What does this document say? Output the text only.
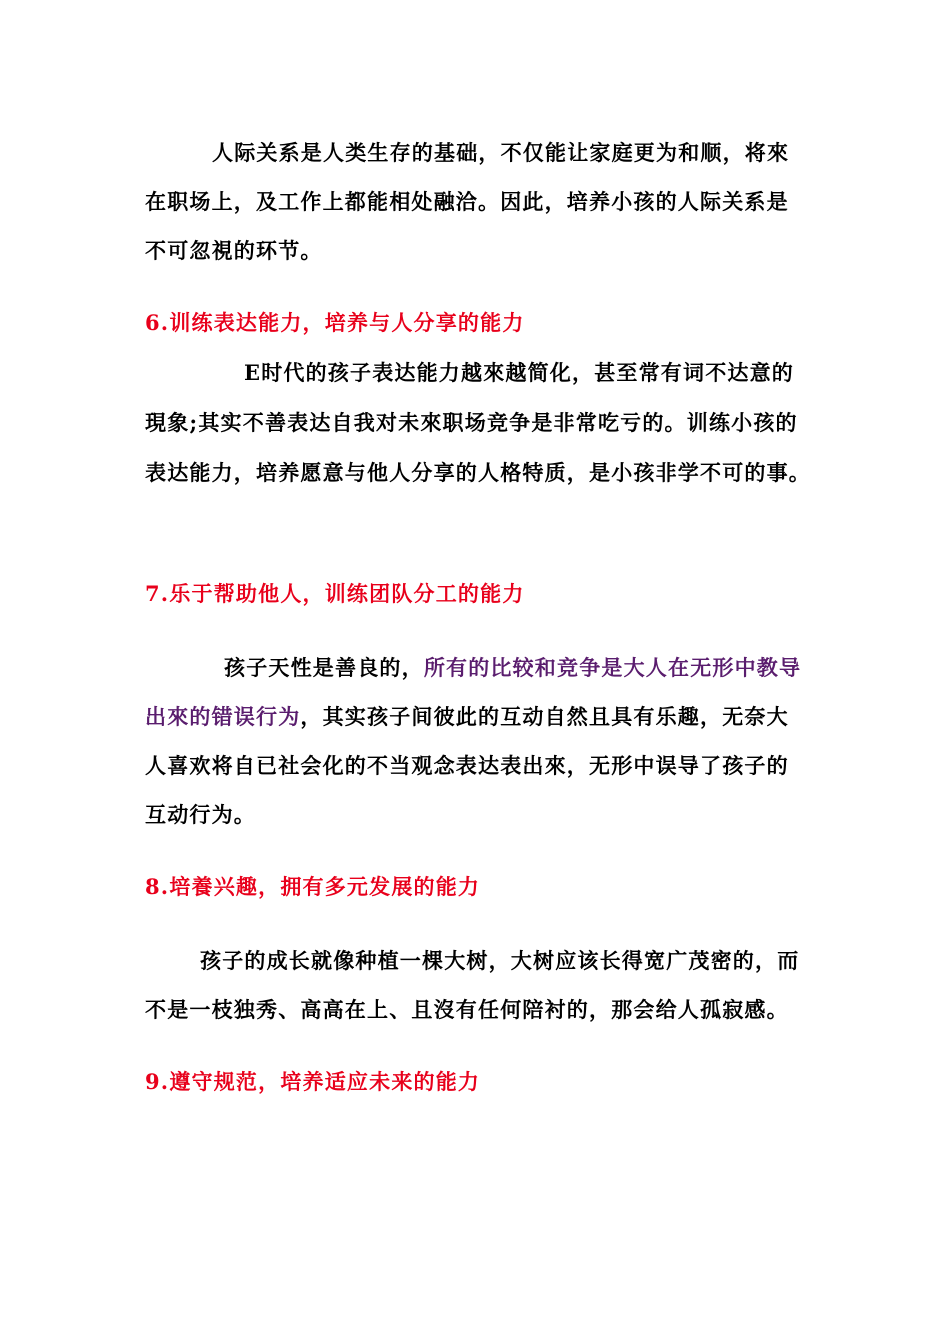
人际关系是人类生存的基础，不仅能让家庭更为和顺，将來
在职场上，及工作上都能相处融洽。因此，培养小孩的人际关系是
不可忽視的环节。
6.训练表达能力，培养与人分享的能力
E时代的孩子表达能力越來越简化，甚至常有词不达意的
現象;其实不善表达自我对未來职场竞争是非常吃亏的。训练小孩的
表达能力，培养愿意与他人分享的人格特质，是小孩非学不可的事。
7.乐于帮助他人，训练团队分工的能力
孩子天性是善良的，所有的比较和竞争是大人在无形中教导
出來的错误行为，其实孩子间彼此的互动自然且具有乐趣，无奈大
人喜欢将自已社会化的不当观念表达表出來，无形中误导了孩子的
互动行为。
8.培養兴趣，拥有多元发展的能力
孩子的成长就像种植一棵大树，大树应该长得宽广茂密的，而
不是一枝独秀、高高在上、且沒有任何陪衬的，那会给人孤寂感。
9.遵守规范，培养适应未来的能力
